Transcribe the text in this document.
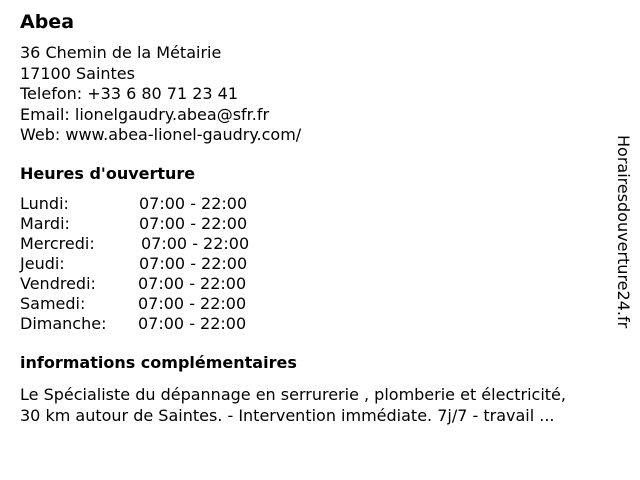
Abea
36 Chemin de la Métairie
17100 Saintes
Telefon: +33 6 80 71 23 41
Email: lionelgaudry.abea@sfr.fr
Web: www.abea-lionel-gaudry.com/
Heures d'ouverture
Lundi:	07:00 - 22:00
Mardi:	07:00 - 22:00
Mercredi:	07:00 - 22:00
Jeudi:	07:00 - 22:00
Vendredi:	07:00 - 22:00
Samedi:	07:00 - 22:00
Dimanche: 07:00 - 22:00
informations complémentaires
Le Spécialiste du dépannage en serrurerie , plomberie et électricité,
30 km autour de Saintes. - Intervention immédiate. 7j/7 - travail ...
Horairesdouverture24.fr
